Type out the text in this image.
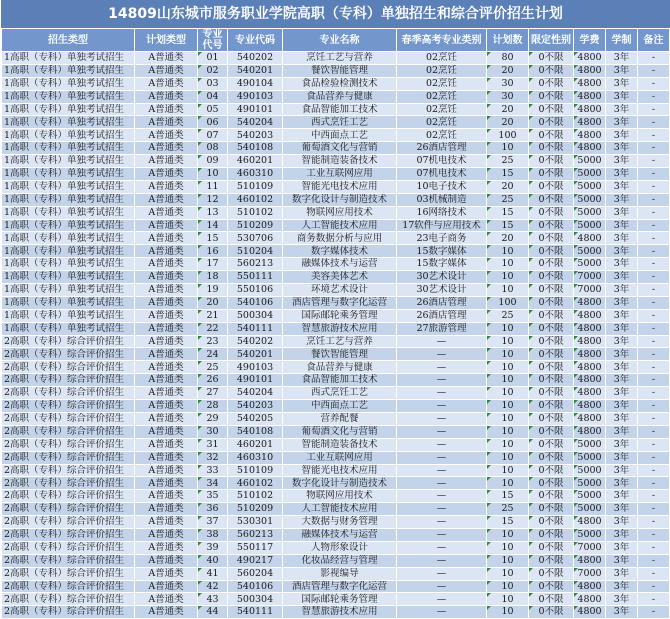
14809山东城市服务职业学院高职（专科）单独招生和综合评价招生计划
招生类型	计划类型	专业代号	专业代码	专业名称	春季高考专业类别	计划数	限定性别	学费	学制	备注
1高职（专科）单独考试招生	A普通类	01	540202	烹饪工艺与营养	02烹饪	80	0不限	4800	3年	-
1高职（专科）单独考试招生	A普通类	02	540201	餐饮智能管理	02烹饪	20	0不限	4800	3年	-
1高职（专科）单独考试招生	A普通类	03	490104	食品检验检测技术	02烹饪	30	0不限	4800	3年	-
1高职（专科）单独考试招生	A普通类	04	490103	食品营养与健康	02烹饪	30	0不限	4800	3年	-
1高职（专科）单独考试招生	A普通类	05	490101	食品智能加工技术	02烹饪	20	0不限	4800	3年	-
1高职（专科）单独考试招生	A普通类	06	540204	西式烹饪工艺	02烹饪	20	0不限	4800	3年	-
1高职（专科）单独考试招生	A普通类	07	540203	中西面点工艺	02烹饪	100	0不限	4800	3年	-
1高职（专科）单独考试招生	A普通类	08	540108	葡萄酒文化与营销	26酒店管理	10	0不限	4800	3年	-
1高职（专科）单独考试招生	A普通类	09	460201	智能制造装备技术	07机电技术	25	0不限	5000	3年	-
1高职（专科）单独考试招生	A普通类	10	460310	工业互联网应用	07机电技术	15	0不限	5000	3年	-
1高职（专科）单独考试招生	A普通类	11	510109	智能光电技术应用	10电子技术	20	0不限	5000	3年	-
1高职（专科）单独考试招生	A普通类	12	460102	数字化设计与制造技术	03机械制造	25	0不限	5000	3年	-
1高职（专科）单独考试招生	A普通类	13	510102	物联网应用技术	16网络技术	15	0不限	5000	3年	-
1高职（专科）单独考试招生	A普通类	14	510209	人工智能技术应用	17软件与应用技术	15	0不限	5000	3年	-
1高职（专科）单独考试招生	A普通类	15	530706	商务数据分析与应用	23电子商务	20	0不限	4800	3年	-
1高职（专科）单独考试招生	A普通类	16	510204	数字媒体技术	15数字媒体	10	0不限	5000	3年	-
1高职（专科）单独考试招生	A普通类	17	560213	融媒体技术与运营	15数字媒体	10	0不限	5000	3年	-
1高职（专科）单独考试招生	A普通类	18	550111	美容美体艺术	30艺术设计	10	0不限	7000	3年	-
1高职（专科）单独考试招生	A普通类	19	550106	环境艺术设计	30艺术设计	10	0不限	7000	3年	-
1高职（专科）单独考试招生	A普通类	20	540106	酒店管理与数字化运营	26酒店管理	100	0不限	4800	3年	-
1高职（专科）单独考试招生	A普通类	21	500304	国际邮轮乘务管理	26酒店管理	25	0不限	4800	3年	-
1高职（专科）单独考试招生	A普通类	22	540111	智慧旅游技术应用	27旅游管理	10	0不限	4800	3年	-
2高职（专科）综合评价招生	A普通类	23	540202	烹饪工艺与营养	—	10	0不限	4800	3年	-
2高职（专科）综合评价招生	A普通类	24	540201	餐饮智能管理	—	10	0不限	4800	3年	-
2高职（专科）综合评价招生	A普通类	25	490103	食品营养与健康	—	10	0不限	4800	3年	-
2高职（专科）综合评价招生	A普通类	26	490101	食品智能加工技术	—	10	0不限	4800	3年	-
2高职（专科）综合评价招生	A普通类	27	540204	西式烹饪工艺	—	10	0不限	4800	3年	-
2高职（专科）综合评价招生	A普通类	28	540203	中西面点工艺	—	10	0不限	4800	3年	-
2高职（专科）综合评价招生	A普通类	29	540205	营养配餐	—	10	0不限	4800	3年	-
2高职（专科）综合评价招生	A普通类	30	540108	葡萄酒文化与营销	—	10	0不限	4800	3年	-
2高职（专科）综合评价招生	A普通类	31	460201	智能制造装备技术	—	10	0不限	5000	3年	-
2高职（专科）综合评价招生	A普通类	32	460310	工业互联网应用	—	10	0不限	5000	3年	-
2高职（专科）综合评价招生	A普通类	33	510109	智能光电技术应用	—	10	0不限	5000	3年	-
2高职（专科）综合评价招生	A普通类	34	460102	数字化设计与制造技术	—	10	0不限	5000	3年	-
2高职（专科）综合评价招生	A普通类	35	510102	物联网应用技术	—	15	0不限	5000	3年	-
2高职（专科）综合评价招生	A普通类	36	510209	人工智能技术应用	—	25	0不限	5000	3年	-
2高职（专科）综合评价招生	A普通类	37	530301	大数据与财务管理	—	15	0不限	4800	3年	-
2高职（专科）综合评价招生	A普通类	38	560213	融媒体技术与运营	—	10	0不限	5000	3年	-
2高职（专科）综合评价招生	A普通类	39	550117	人物形象设计	—	10	0不限	7000	3年	-
2高职（专科）综合评价招生	A普通类	40	490217	化妆品经营与管理	—	10	0不限	4800	3年	-
2高职（专科）综合评价招生	A普通类	41	560204	影视编导	—	10	0不限	7000	3年	-
2高职（专科）综合评价招生	A普通类	42	540106	酒店管理与数字化运营	—	10	0不限	4800	3年	-
2高职（专科）综合评价招生	A普通类	43	500304	国际邮轮乘务管理	—	10	0不限	4800	3年	-
2高职（专科）综合评价招生	A普通类	44	540111	智慧旅游技术应用	—	10	0不限	4800	3年	-
